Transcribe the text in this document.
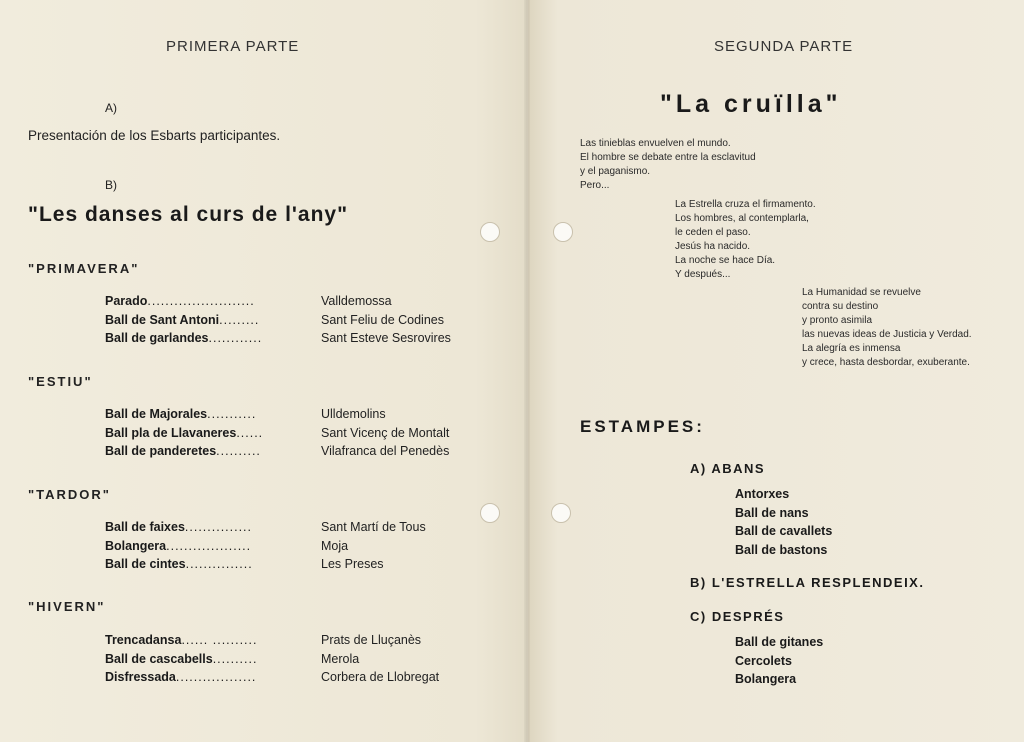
PRIMERA PARTE
A)
Presentación de los Esbarts participantes.
B)
"Les danses al curs de l'any"
"PRIMAVERA"
Parado........................
Ball de Sant Antoni.........
Ball de garlandes............
Valldemossa
Sant Feliu de Codines
Sant Esteve Sesrovires
"ESTIU"
Ball de Majorales...........
Ball pla de Llavaneres......
Ball de panderetes..........
Ulldemolins
Sant Vicenç de Montalt
Vilafranca del Penedès
"TARDOR"
Ball de faixes...............
Bolangera...................
Ball de cintes...............
Sant Martí de Tous
Moja
Les Preses
"HIVERN"
Trencadansa...... ..........
Ball de cascabells..........
Disfressada..................
Prats de Lluçanès
Merola
Corbera de Llobregat
SEGUNDA PARTE
"La cruïlla"
Las tinieblas envuelven el mundo.
El hombre se debate entre la esclavitud
y el paganismo.
Pero...
La Estrella cruza el firmamento.
Los hombres, al contemplarla,
le ceden el paso.
Jesús ha nacido.
La noche se hace Día.
Y después...
La Humanidad se revuelve
contra su destino
y pronto asimila
las nuevas ideas de Justicia y Verdad.
La alegría es inmensa
y crece, hasta desbordar, exuberante.
ESTAMPES:
A) ABANS
Antorxes
Ball de nans
Ball de cavallets
Ball de bastons
B) L'ESTRELLA RESPLENDEIX.
C) DESPRÉS
Ball de gitanes
Cercolets
Bolangera
